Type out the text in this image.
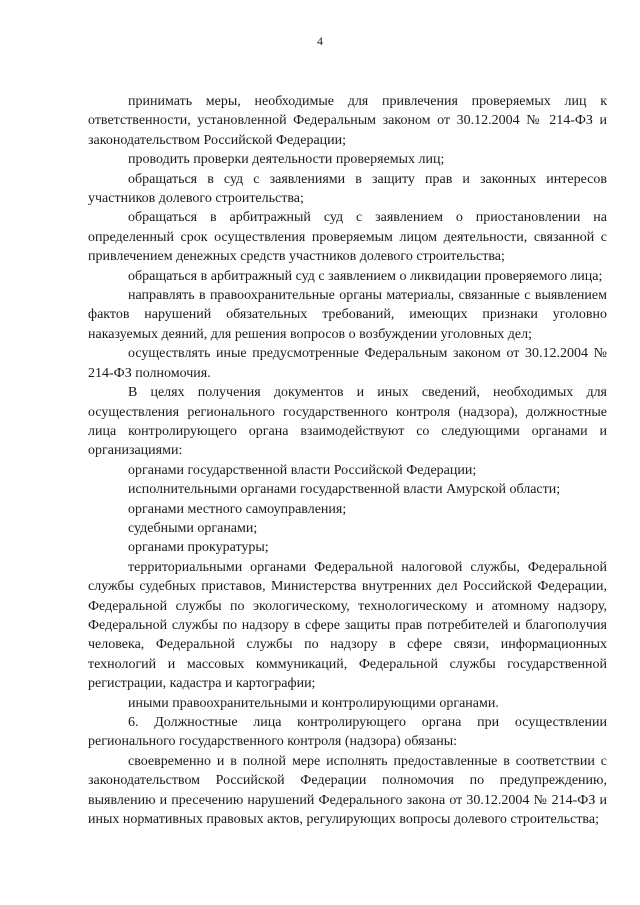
4

принимать меры, необходимые для привлечения проверяемых лиц к ответственности, установленной Федеральным законом от 30.12.2004 № 214-ФЗ и законодательством Российской Федерации;

проводить проверки деятельности проверяемых лиц;

обращаться в суд с заявлениями в защиту прав и законных интересов участников долевого строительства;

обращаться в арбитражный суд с заявлением о приостановлении на определенный срок осуществления проверяемым лицом деятельности, связанной с привлечением денежных средств участников долевого строительства;

обращаться в арбитражный суд с заявлением о ликвидации проверяемого лица;

направлять в правоохранительные органы материалы, связанные с выявлением фактов нарушений обязательных требований, имеющих признаки уголовно наказуемых деяний, для решения вопросов о возбуждении уголовных дел;

осуществлять иные предусмотренные Федеральным законом от 30.12.2004 № 214-ФЗ полномочия.

В целях получения документов и иных сведений, необходимых для осуществления регионального государственного контроля (надзора), должностные лица контролирующего органа взаимодействуют со следующими органами и организациями:

органами государственной власти Российской Федерации;

исполнительными органами государственной власти Амурской области;

органами местного самоуправления;

судебными органами;

органами прокуратуры;

территориальными органами Федеральной налоговой службы, Федеральной службы судебных приставов, Министерства внутренних дел Российской Федерации, Федеральной службы по экологическому, технологическому и атомному надзору, Федеральной службы по надзору в сфере защиты прав потребителей и благополучия человека, Федеральной службы по надзору в сфере связи, информационных технологий и массовых коммуникаций, Федеральной службы государственной регистрации, кадастра и картографии;

иными правоохранительными и контролирующими органами.

6. Должностные лица контролирующего органа при осуществлении регионального государственного контроля (надзора) обязаны:

своевременно и в полной мере исполнять предоставленные в соответствии с законодательством Российской Федерации полномочия по предупреждению, выявлению и пресечению нарушений Федерального закона от 30.12.2004 № 214-ФЗ и иных нормативных правовых актов, регулирующих вопросы долевого строительства;
